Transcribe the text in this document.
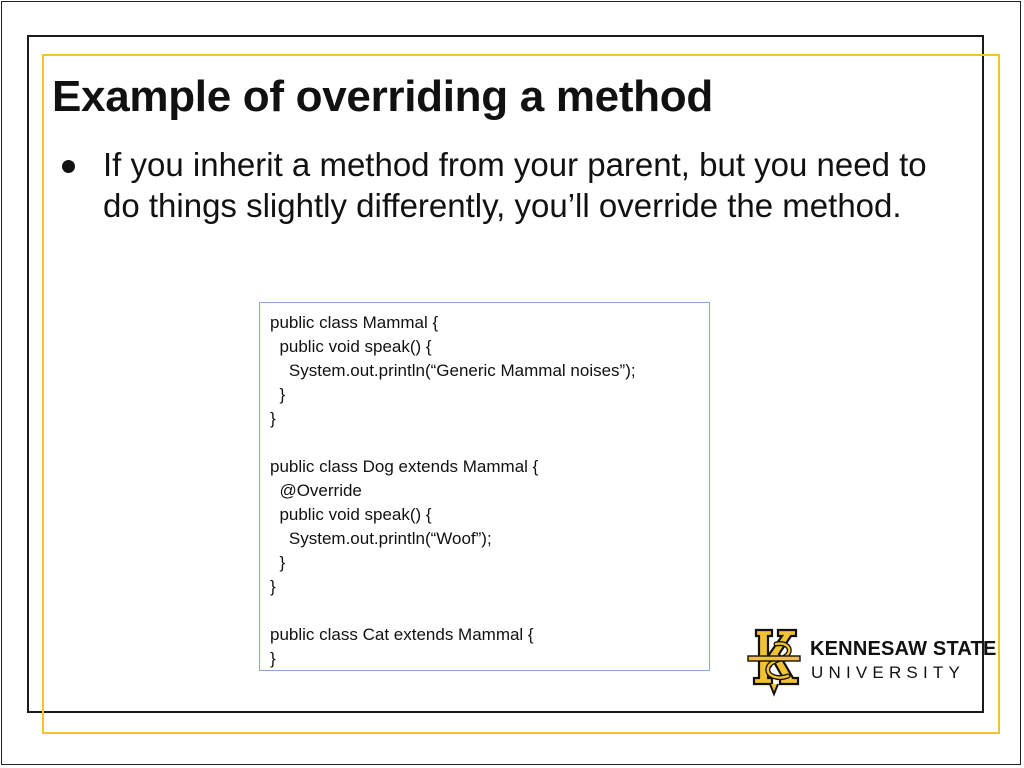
Example of overriding a method
If you inherit a method from your parent, but you need to do things slightly differently, you’ll override the method.
public class Mammal {
public void speak() {
System.out.println(“Generic Mammal noises”);
}
}
public class Dog extends Mammal {
@Override
public void speak() {
System.out.println(“Woof”);
}
}
public class Cat extends Mammal {
}	KENNESAW STATE
UNIVERSITY
